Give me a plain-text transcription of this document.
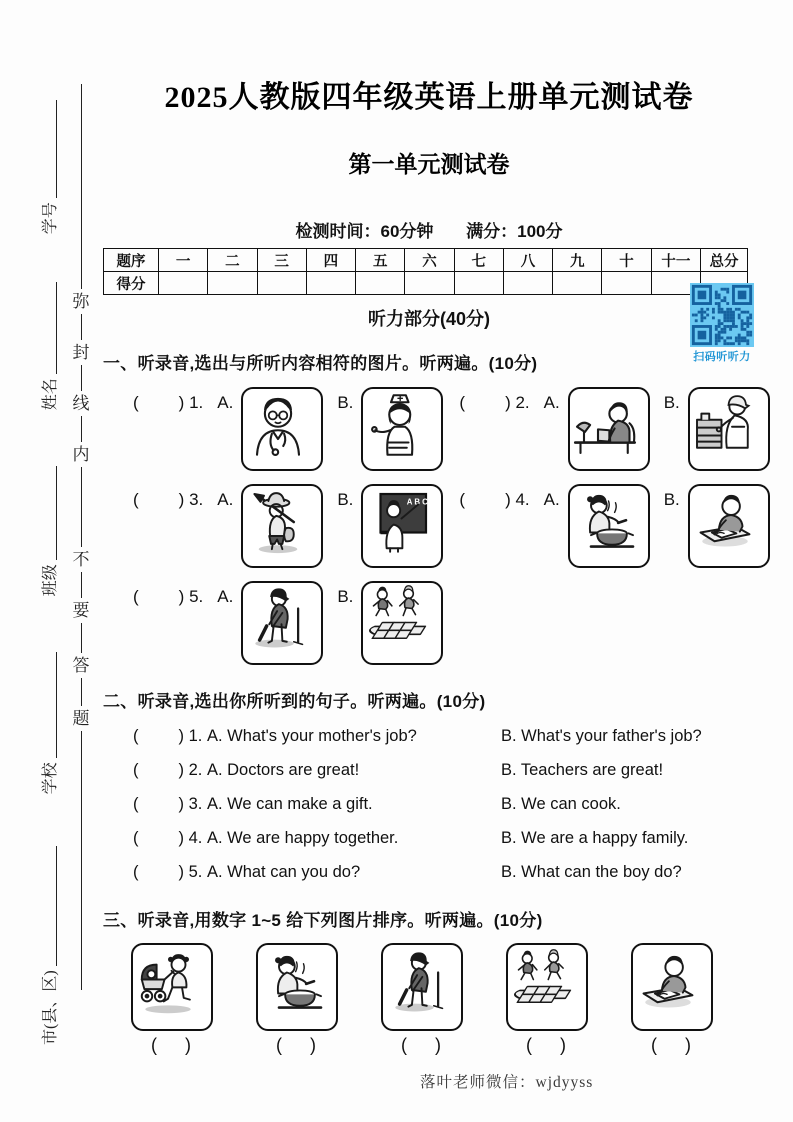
市(县、区)
学校
班级
姓名
学号
弥
封
线
内
不
要
答
题
2025人教版四年级英语上册单元测试卷
第一单元测试卷
检测时间：60分钟 满分：100分
题序	一	二	三	四	五	六	七	八	九	十	十一	总分
得分												
听力部分(40分)
扫码听听力
一、听录音,选出与所听内容相符的图片。听两遍。(10分)
( ) 1. A.	B.	( ) 2. A.	B.
( ) 3. A.	B.	A B C ( ) 4. A.	B.
( ) 5. A.	B.
二、听录音,选出你所听到的句子。听两遍。(10分)
( ) 1. A. What's your mother's job?	B. What's your father's job?
( ) 2. A. Doctors are great!	B. Teachers are great!
( ) 3. A. We can make a gift.	B. We can cook.
( ) 4. A. We are happy together.	B. We are a happy family.
( ) 5. A. What can you do?	B. What can the boy do?
三、听录音,用数字 1~5 给下列图片排序。听两遍。(10分)
( )	( )	( )	( )	( )
落叶老师微信：wjdyyss
